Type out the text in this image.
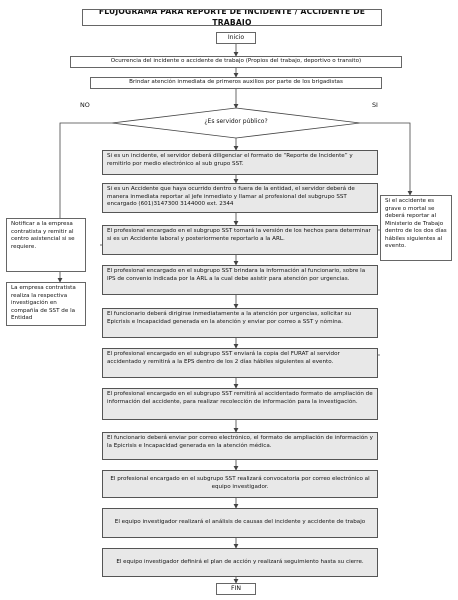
FLUJOGRAMA PARA REPORTE DE INCIDENTE / ACCIDENTE DE TRABAJO
Inicio
Ocurrencia del incidente o accidente de trabajo (Propios del trabajo, deportivo o transito)
Brindar atención inmediata de primeros auxilios por parte de los brigadistas
NO	SI
¿Es servidor público?
Si es un incidente, el servidor deberá diligenciar el formato de “Reporte de Incidente” y remitirlo por medio electrónico al sub grupo SST.
Si es un Accidente que haya ocurrido dentro o fuera de la entidad, el servidor deberá de manera inmediata reportar al jefe inmediato y llamar al profesional del subgrupo SST encargado (601)3147300 3144000 ext. 2344
El profesional encargado en el subgrupo SST tomará la versión de los hechos para determinar si es un Accidente laboral y posteriormente reportarlo a la ARL.
El profesional encargado en el subgrupo SST brindara la información al funcionario, sobre la IPS de convenio indicada por la ARL a la cual debe asistir para atención por urgencias.
El funcionario deberá dirigirse inmediatamente a la atención por urgencias, solicitar su Epicrisis e Incapacidad generada en la atención y enviar por correo a SST y nómina.
El profesional encargado en el subgrupo SST enviará la copia del FURAT al servidor accidentado y remitirá a la EPS dentro de los 2 días hábiles siguientes al evento.
El profesional encargado en el subgrupo SST remitirá al accidentado formato de ampliación de información del accidente, para realizar recolección de información para la investigación.
El funcionario deberá enviar por correo electrónico, el formato de ampliación de información y la Epicrisis e Incapacidad generada en la atención médica.
El profesional encargado en el subgrupo SST realizará convocatoria por correo electrónico al equipo investigador.
El equipo investigador realizará el análisis de causas del incidente y accidente de trabajo
El equipo investigador definirá el plan de acción y realizará seguimiento hasta su cierre.
FIN
Notificar a la empresa contratista y remitir al centro asistencial si se requiere.
La empresa contratista realiza la respectiva investigación en compañía de SST de la Entidad
Si el accidente es grave o mortal se deberá reportar al Ministerio de Trabajo dentro de los dos días hábiles siguientes al evento.
